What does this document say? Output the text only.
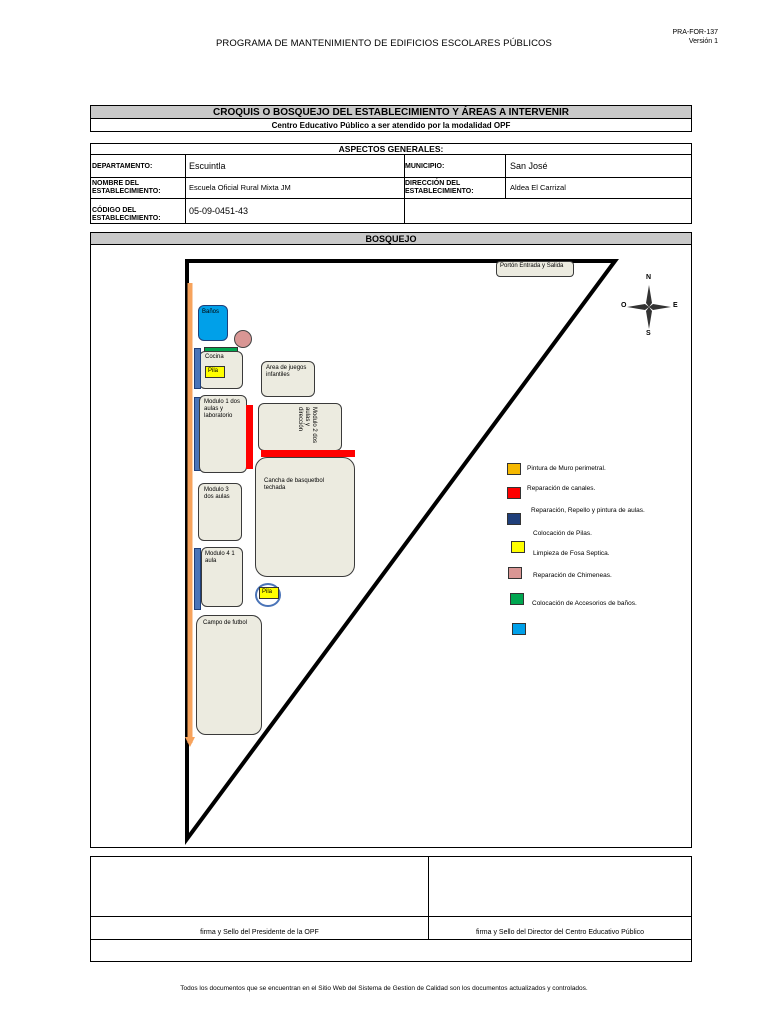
PRA-FOR-137
Versión 1
PROGRAMA DE MANTENIMIENTO DE EDIFICIOS ESCOLARES PÚBLICOS
CROQUIS O BOSQUEJO DEL ESTABLECIMIENTO Y ÁREAS A INTERVENIR
Centro Educativo Público a ser atendido por la modalidad OPF
ASPECTOS GENERALES:
DEPARTAMENTO:	Escuintla	MUNICIPIO:	San José
NOMBRE DEL ESTABLECIMIENTO:	Escuela Oficial Rural Mixta JM	DIRECCIÓN DEL ESTABLECIMIENTO:	Aldea El Carrizal
CÓDIGO DEL ESTABLECIMIENTO:
05-09-0451-43
BOSQUEJO
Portón Entrada y Salida
N
S
O	E
Baños
Cocina
Pila
Modulo 1 dos aulas y laboratorio
Area de juegos infantiles
Modulo 2 dos aulas y dirección
Cancha de basquetbol techada
Modulo 3 dos aulas
Modulo 4 1 aula
Pila
Campo de futbol
Pintura de Muro perimetral.
Reparación de canales.
Reparación, Repello y pintura de aulas.
Colocación de Pilas.
Limpieza de Fosa Septica.
Reparación de Chimeneas.
Colocación de Accesorios de baños.
firma y Sello del Presidente de la OPF	firma y Sello del Director del Centro Educativo Público
Todos los documentos que se encuentran en el Sitio Web del Sistema de Gestion de Calidad son los documentos actualizados y controlados.
